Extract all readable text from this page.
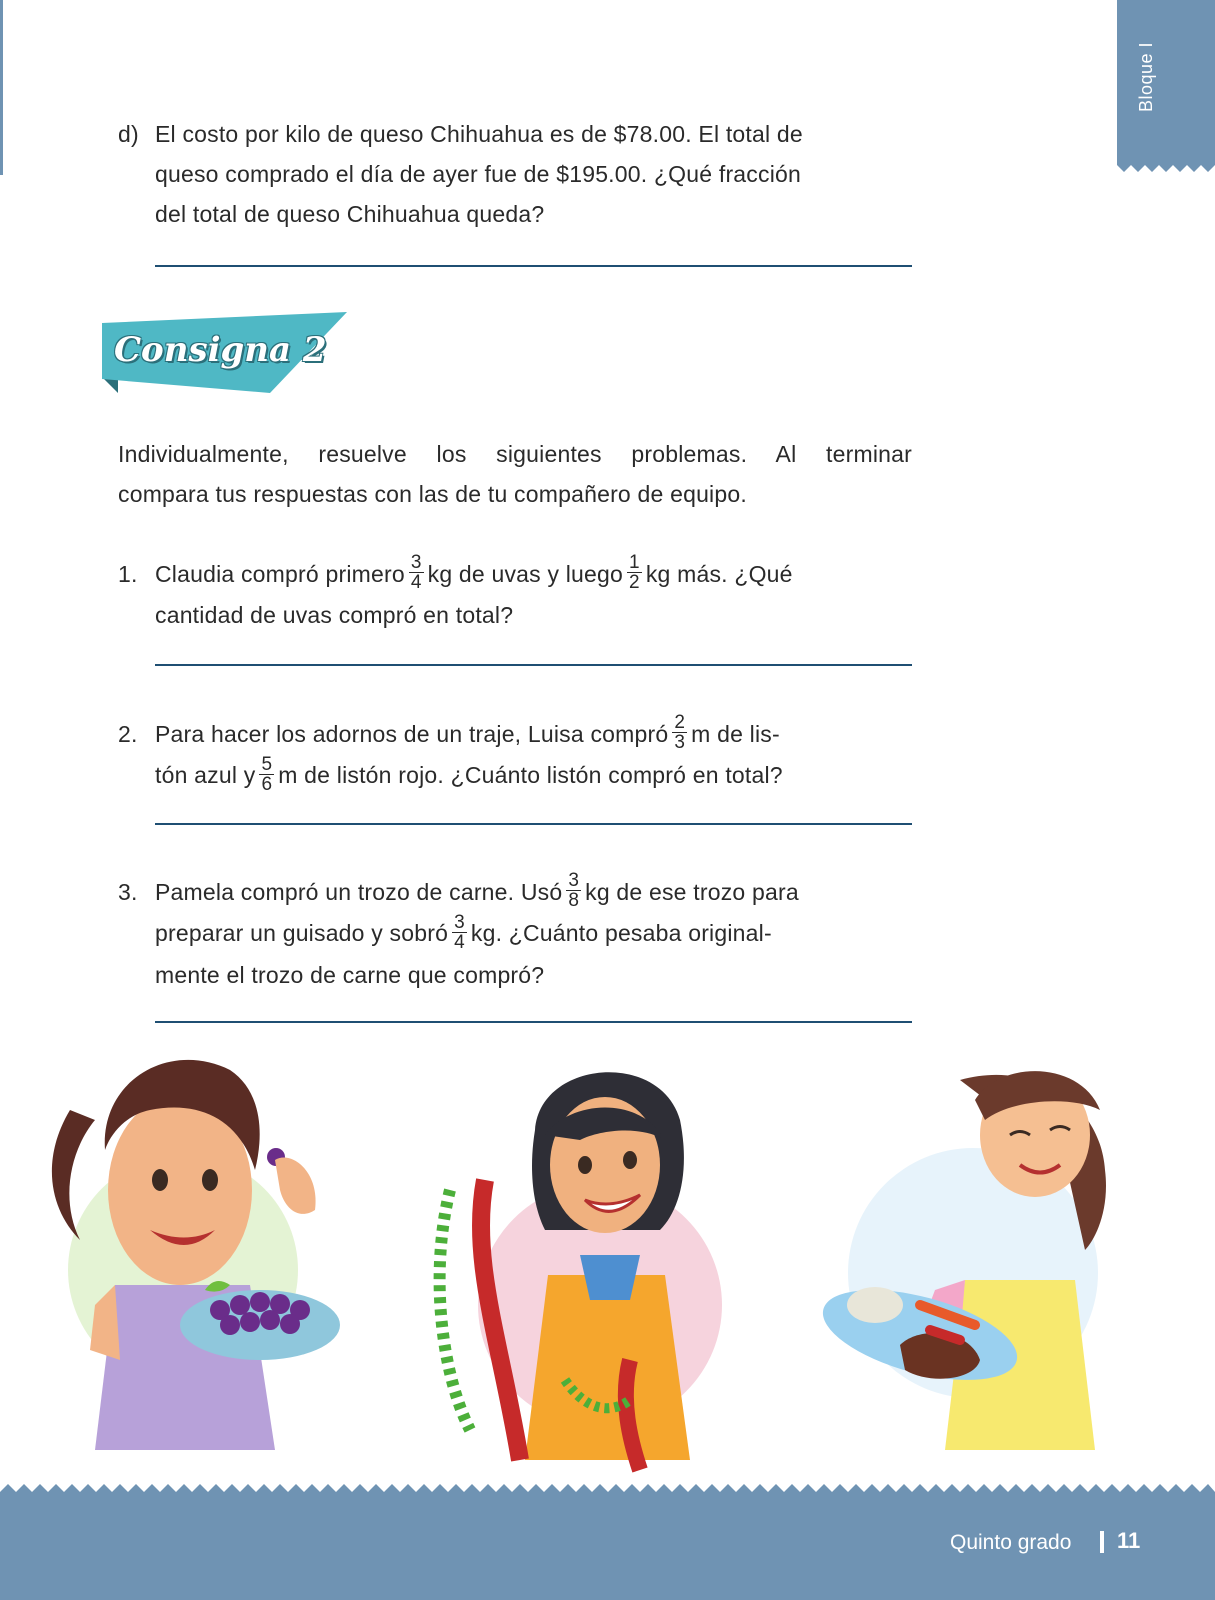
Bloque I
d) El costo por kilo de queso Chihuahua es de $78.00. El total de
queso comprado el día de ayer fue de $195.00. ¿Qué fracción
del total de queso Chihuahua queda?
Consigna 2
Individualmente, resuelve los siguientes problemas. Al terminar
compara tus respuestas con las de tu compañero de equipo.
1. Claudia compró primero $\frac{3}{4}$ kg de uvas y luego $\frac{1}{2}$ kg más. ¿Qué
cantidad de uvas compró en total?
2. Para hacer los adornos de un traje, Luisa compró $\frac{2}{3}$ m de lis-
tón azul y $\frac{5}{6}$ m de listón rojo. ¿Cuánto listón compró en total?
3. Pamela compró un trozo de carne. Usó $\frac{3}{8}$ kg de ese trozo para
preparar un guisado y sobró $\frac{3}{4}$ kg. ¿Cuánto pesaba original-
mente el trozo de carne que compró?
Quinto grado 11
